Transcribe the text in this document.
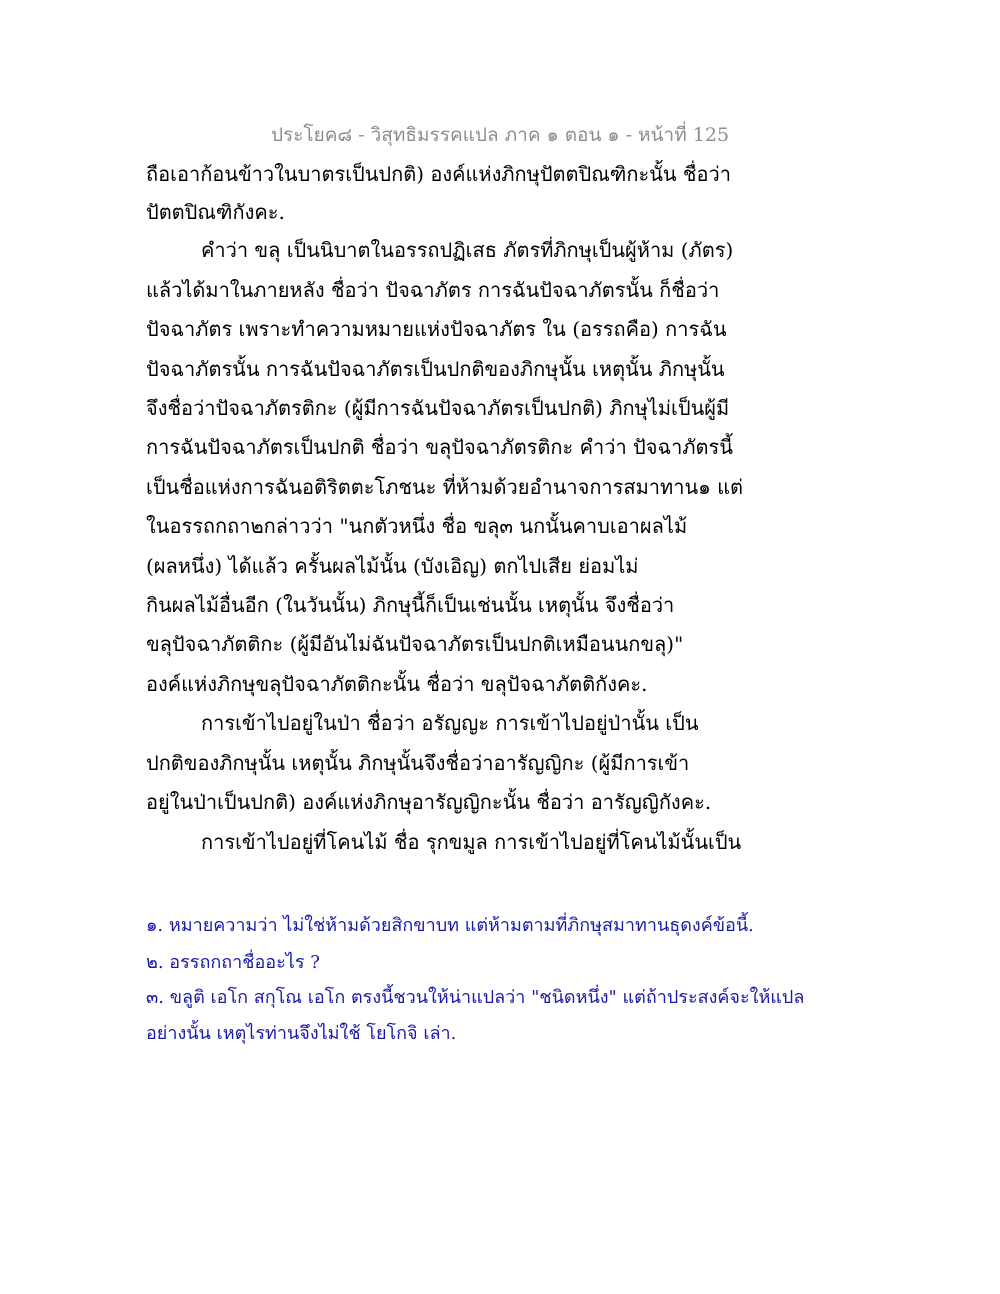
ประโยค๘ - วิสุทธิมรรคแปล ภาค ๑ ตอน ๑ - หน้าที่ 125
ถือเอาก้อนข้าวในบาตรเป็นปกติ) องค์แห่งภิกษุปัตตปิณฑิกะนั้น ชื่อว่า
ปัตตปิณฑิกังคะ.
คําว่า ขลุ เป็นนิบาตในอรรถปฏิเสธ ภัตรที่ภิกษุเป็นผู้ห้าม (ภัตร)
แล้วได้มาในภายหลัง ชื่อว่า ปัจฉาภัตร การฉันปัจฉาภัตรนั้น ก็ชื่อว่า
ปัจฉาภัตร เพราะทําความหมายแห่งปัจฉาภัตร ใน (อรรถคือ) การฉัน
ปัจฉาภัตรนั้น การฉันปัจฉาภัตรเป็นปกติของภิกษุนั้น เหตุนั้น ภิกษุนั้น
จึงชื่อว่าปัจฉาภัตรติกะ (ผู้มีการฉันปัจฉาภัตรเป็นปกติ) ภิกษุไม่เป็นผู้มี
การฉันปัจฉาภัตรเป็นปกติ ชื่อว่า ขลุปัจฉาภัตรติกะ คําว่า ปัจฉาภัตรนี้
เป็นชื่อแห่งการฉันอติริตตะโภชนะ ที่ห้ามด้วยอํานาจการสมาทาน๑ แต่
ในอรรถกถา๒กล่าวว่า "นกตัวหนึ่ง ชื่อ ขลุ๓ นกนั้นคาบเอาผลไม้
(ผลหนึ่ง) ได้แล้ว ครั้นผลไม้นั้น (บังเอิญ) ตกไปเสีย ย่อมไม่
กินผลไม้อื่นอีก (ในวันนั้น) ภิกษุนี้ก็เป็นเช่นนั้น เหตุนั้น จึงชื่อว่า
ขลุปัจฉาภัตติกะ (ผู้มีอันไม่ฉันปัจฉาภัตรเป็นปกติเหมือนนกขลุ)"
องค์แห่งภิกษุขลุปัจฉาภัตติกะนั้น ชื่อว่า ขลุปัจฉาภัตติกังคะ.
การเข้าไปอยู่ในป่า ชื่อว่า อรัญญะ การเข้าไปอยู่ป่านั้น เป็น
ปกติของภิกษุนั้น เหตุนั้น ภิกษุนั้นจึงชื่อว่าอารัญญิกะ (ผู้มีการเข้า
อยู่ในป่าเป็นปกติ) องค์แห่งภิกษุอารัญญิกะนั้น ชื่อว่า อารัญญิกังคะ.
การเข้าไปอยู่ที่โคนไม้ ชื่อ รุกขมูล การเข้าไปอยู่ที่โคนไม้นั้นเป็น
๑. หมายความว่า ไม่ใช่ห้ามด้วยสิกขาบท แต่ห้ามตามที่ภิกษุสมาทานธุดงค์ข้อนี้.
๒. อรรถกถาชื่ออะไร ?
๓. ขลูติ เอโก สกุโณ เอโก ตรงนี้ชวนให้น่าแปลว่า "ชนิดหนึ่ง" แต่ถ้าประสงค์จะให้แปล
อย่างนั้น เหตุไรท่านจึงไม่ใช้ โยโกจิ เล่า.
